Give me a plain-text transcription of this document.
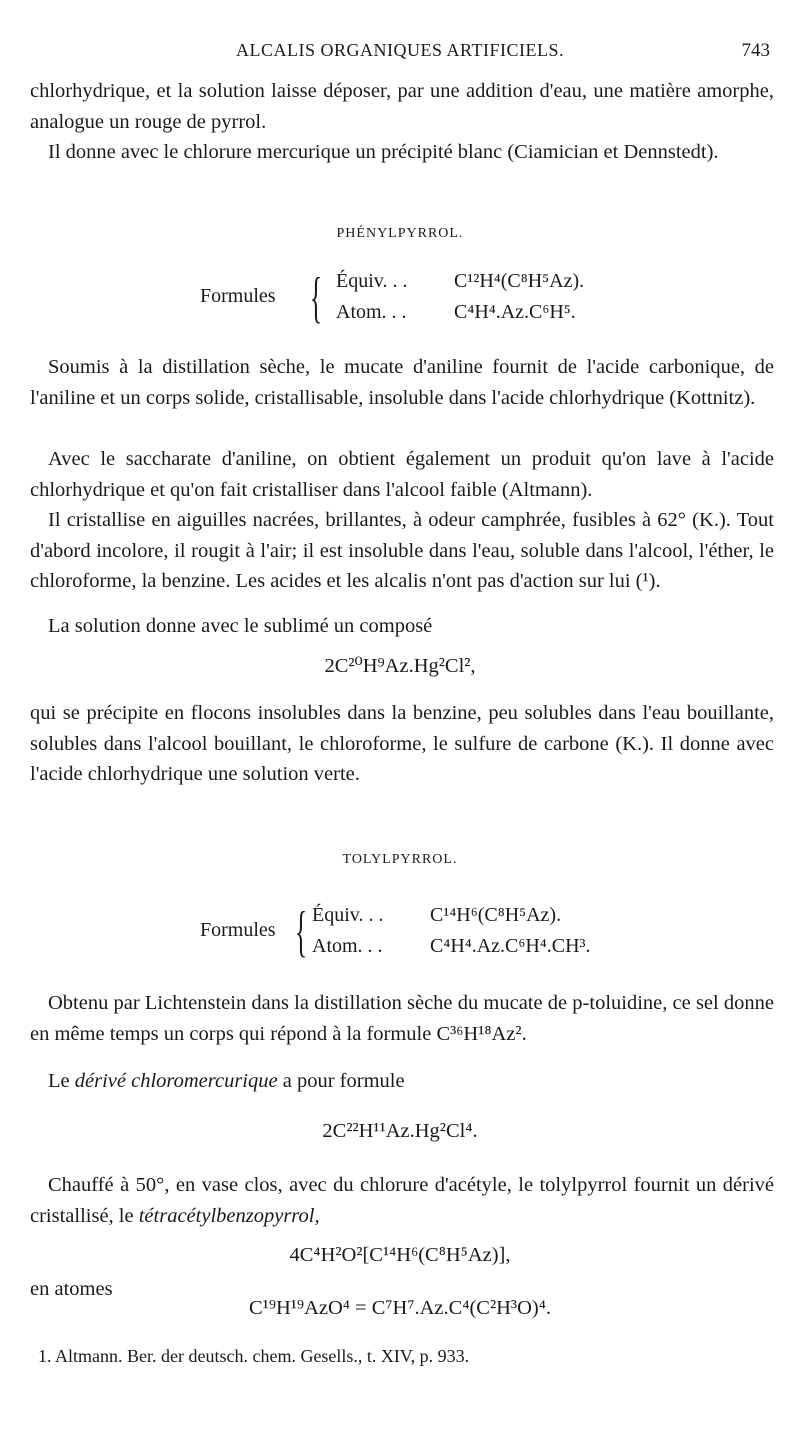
ALCALIS ORGANIQUES ARTIFICIELS.	743

chlorhydrique, et la solution laisse déposer, par une addition d'eau, une matière amorphe, analogue un rouge de pyrrol.

Il donne avec le chlorure mercurique un précipité blanc (Ciamician et Dennstedt).

PHÉNYLPYRROL.
Formules { Équiv. . . C¹²H⁴(C⁸H⁵Az).
Atom. . . C⁴H⁴.Az.C⁶H⁵.

Soumis à la distillation sèche, le mucate d'aniline fournit de l'acide carbonique, de l'aniline et un corps solide, cristallisable, insoluble dans l'acide chlorhydrique (Kottnitz).

Avec le saccharate d'aniline, on obtient également un produit qu'on lave à l'acide chlorhydrique et qu'on fait cristalliser dans l'alcool faible (Altmann).

Il cristallise en aiguilles nacrées, brillantes, à odeur camphrée, fusibles à 62° (K.). Tout d'abord incolore, il rougit à l'air; il est insoluble dans l'eau, soluble dans l'alcool, l'éther, le chloroforme, la benzine. Les acides et les alcalis n'ont pas d'action sur lui (¹).

La solution donne avec le sublimé un composé

2C²⁰H⁹Az.Hg²Cl²,

qui se précipite en flocons insolubles dans la benzine, peu solubles dans l'eau bouillante, solubles dans l'alcool bouillant, le chloroforme, le sulfure de carbone (K.). Il donne avec l'acide chlorhydrique une solution verte.

TOLYLPYRROL.
Formules { Équiv. . . C¹⁴H⁶(C⁸H⁵Az).
Atom. . . C⁴H⁴.Az.C⁶H⁴.CH³.

Obtenu par Lichtenstein dans la distillation sèche du mucate de p-toluidine, ce sel donne en même temps un corps qui répond à la formule C³⁶H¹⁸Az².

Le dérivé chloromercurique a pour formule

2C²²H¹¹Az.Hg²Cl⁴.

Chauffé à 50°, en vase clos, avec du chlorure d'acétyle, le tolylpyrrol fournit un dérivé cristallisé, le tétracétylbenzopyrrol,

4C⁴H²O²[C¹⁴H⁶(C⁸H⁵Az)],
en atomes
C¹⁹H¹⁹AzO⁴ = C⁷H⁷.Az.C⁴(C²H³O)⁴.
1. Altmann. Ber. der deutsch. chem. Gesells., t. XIV, p. 933.
